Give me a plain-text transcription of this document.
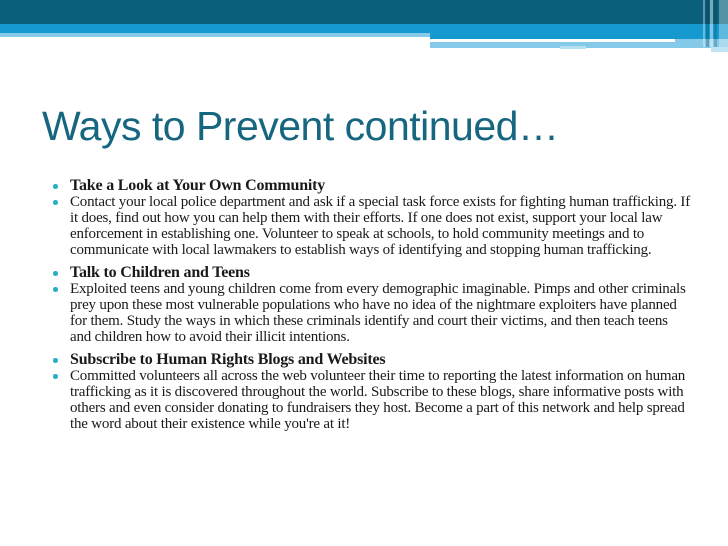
Ways to Prevent continued…
Take a Look at Your Own Community
Contact your local police department and ask if a special task force exists for fighting human trafficking. If it does, find out how you can help them with their efforts. If one does not exist, support your local law enforcement in establishing one. Volunteer to speak at schools, to hold community meetings and to communicate with local lawmakers to establish ways of identifying and stopping human trafficking.
Talk to Children and Teens
Exploited teens and young children come from every demographic imaginable. Pimps and other criminals prey upon these most vulnerable populations who have no idea of the nightmare exploiters have planned for them. Study the ways in which these criminals identify and court their victims, and then teach teens and children how to avoid their illicit intentions.
Subscribe to Human Rights Blogs and Websites
Committed volunteers all across the web volunteer their time to reporting the latest information on human trafficking as it is discovered throughout the world. Subscribe to these blogs, share informative posts with others and even consider donating to fundraisers they host. Become a part of this network and help spread the word about their existence while you're at it!
